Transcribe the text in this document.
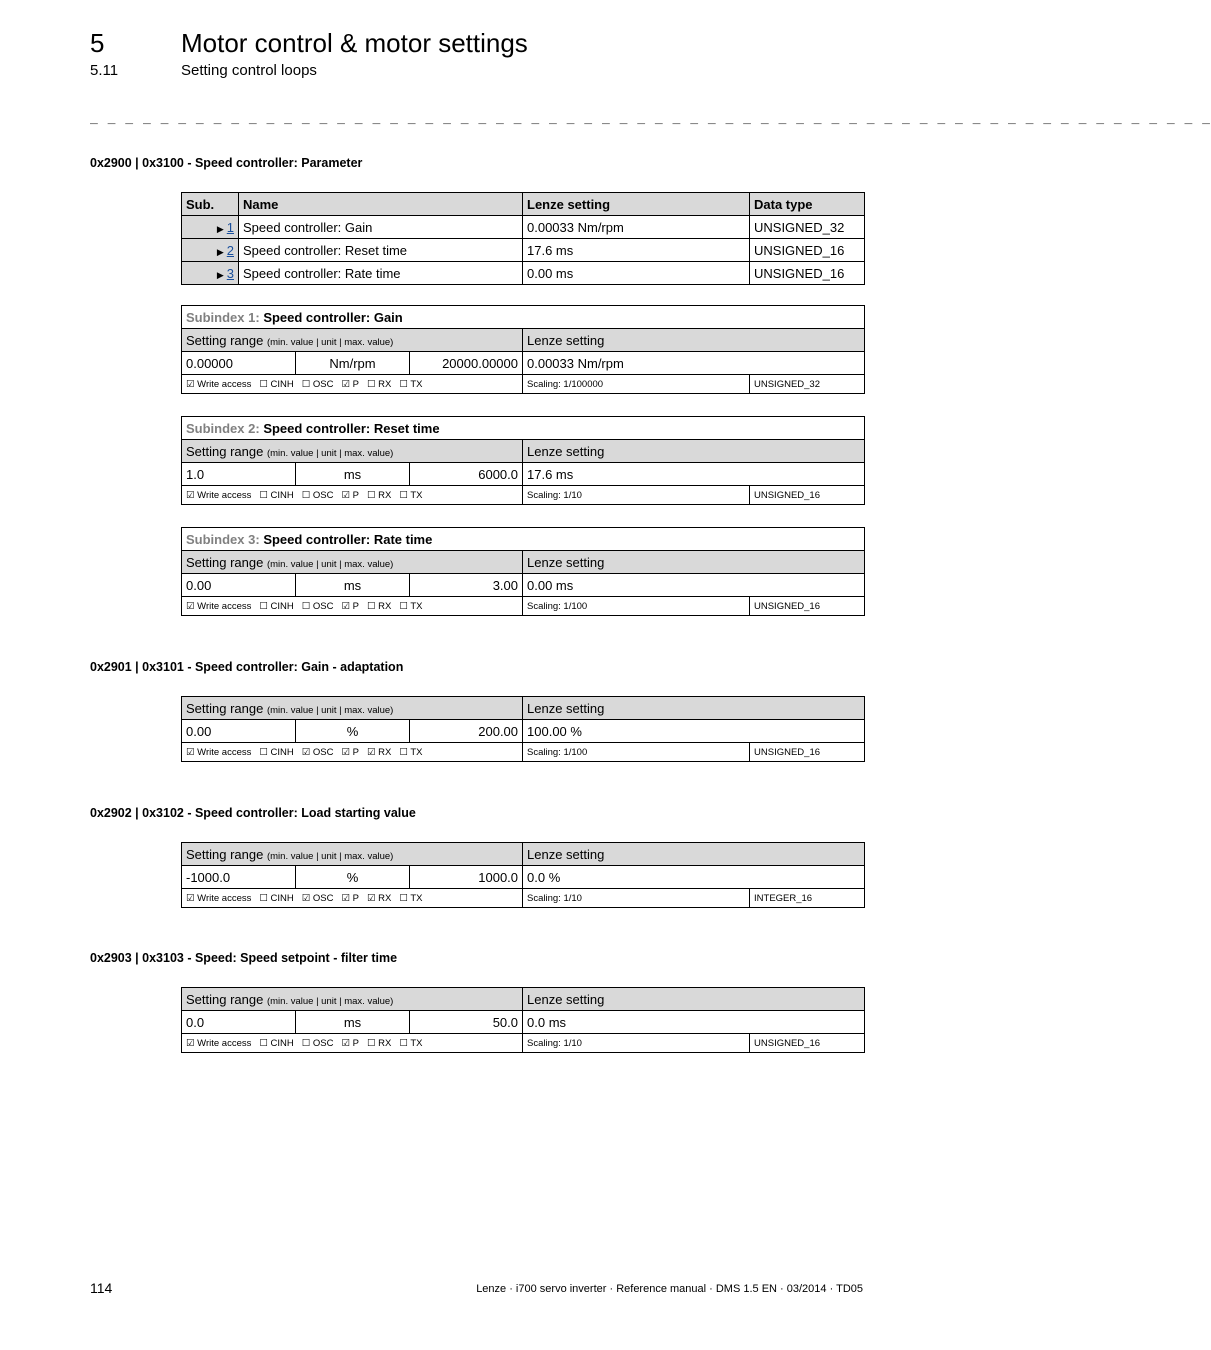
5	Motor control & motor settings
5.11	Setting control loops
_ _ _ _ _ _ _ _ _ _ _ _ _ _ _ _ _ _ _ _ _ _ _ _ _ _ _ _ _ _ _ _ _ _ _ _ _ _ _ _ _ _ _ _ _ _ _ _ _ _ _ _ _ _ _ _ _ _ _ _ _ _ _ _
0x2900 | 0x3100 - Speed controller: Parameter
Sub.	Name	Lenze setting	Data type
▶ 1	Speed controller: Gain	0.00033 Nm/rpm	UNSIGNED_32
▶ 2	Speed controller: Reset time	17.6 ms	UNSIGNED_16
▶ 3	Speed controller: Rate time	0.00 ms	UNSIGNED_16
Subindex 1: Speed controller: Gain				
Setting range (min. value | unit | max. value)			Lenze setting	
0.00000	Nm/rpm	20000.00000	0.00033 Nm/rpm	
☑ Write access ☐ CINH ☐ OSC ☑ P ☐ RX ☐ TX			Scaling: 1/100000	UNSIGNED_32
Subindex 2: Speed controller: Reset time				
Setting range (min. value | unit | max. value)			Lenze setting	
1.0	ms	6000.0	17.6 ms	
☑ Write access ☐ CINH ☐ OSC ☑ P ☐ RX ☐ TX			Scaling: 1/10	UNSIGNED_16
Subindex 3: Speed controller: Rate time				
Setting range (min. value | unit | max. value)			Lenze setting	
0.00	ms	3.00	0.00 ms	
☑ Write access ☐ CINH ☐ OSC ☑ P ☐ RX ☐ TX			Scaling: 1/100	UNSIGNED_16
0x2901 | 0x3101 - Speed controller: Gain - adaptation
Setting range (min. value | unit | max. value)			Lenze setting	
0.00	%	200.00	100.00 %	
☑ Write access ☐ CINH ☑ OSC ☑ P ☑ RX ☐ TX			Scaling: 1/100	UNSIGNED_16
0x2902 | 0x3102 - Speed controller: Load starting value
Setting range (min. value | unit | max. value)			Lenze setting	
-1000.0	%	1000.0	0.0 %	
☑ Write access ☐ CINH ☑ OSC ☑ P ☑ RX ☐ TX			Scaling: 1/10	INTEGER_16
0x2903 | 0x3103 - Speed: Speed setpoint - filter time
Setting range (min. value | unit | max. value)			Lenze setting	
0.0	ms	50.0	0.0 ms	
☑ Write access ☐ CINH ☐ OSC ☑ P ☐ RX ☐ TX			Scaling: 1/10	UNSIGNED_16
114	Lenze · i700 servo inverter · Reference manual · DMS 1.5 EN · 03/2014 · TD05
